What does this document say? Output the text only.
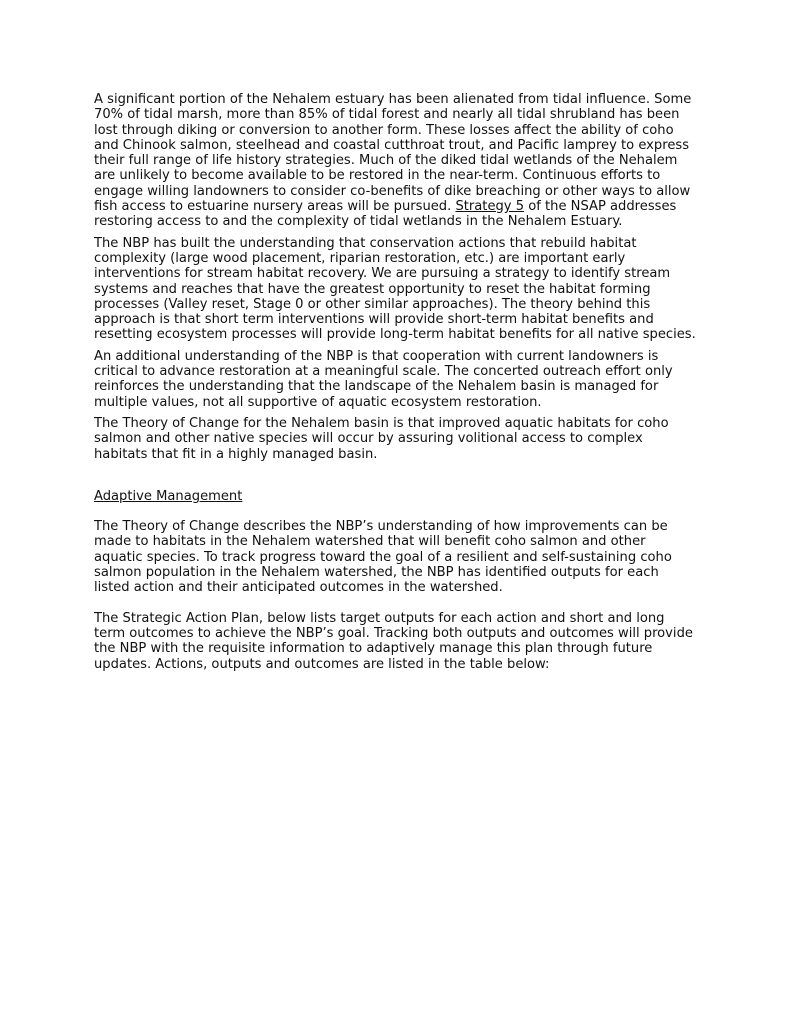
A significant portion of the Nehalem estuary has been alienated from tidal influence. Some 70% of tidal marsh, more than 85% of tidal forest and nearly all tidal shrubland has been lost through diking or conversion to another form. These losses affect the ability of coho and Chinook salmon, steelhead and coastal cutthroat trout, and Pacific lamprey to express their full range of life history strategies. Much of the diked tidal wetlands of the Nehalem are unlikely to become available to be restored in the near-term. Continuous efforts to engage willing landowners to consider co-benefits of dike breaching or other ways to allow fish access to estuarine nursery areas will be pursued. Strategy 5 of the NSAP addresses restoring access to and the complexity of tidal wetlands in the Nehalem Estuary.

The NBP has built the understanding that conservation actions that rebuild habitat complexity (large wood placement, riparian restoration, etc.) are important early interventions for stream habitat recovery. We are pursuing a strategy to identify stream systems and reaches that have the greatest opportunity to reset the habitat forming processes (Valley reset, Stage 0 or other similar approaches). The theory behind this approach is that short term interventions will provide short-term habitat benefits and resetting ecosystem processes will provide long-term habitat benefits for all native species.

An additional understanding of the NBP is that cooperation with current landowners is critical to advance restoration at a meaningful scale. The concerted outreach effort only reinforces the understanding that the landscape of the Nehalem basin is managed for multiple values, not all supportive of aquatic ecosystem restoration.

The Theory of Change for the Nehalem basin is that improved aquatic habitats for coho salmon and other native species will occur by assuring volitional access to complex habitats that fit in a highly managed basin.

Adaptive Management

The Theory of Change describes the NBP’s understanding of how improvements can be made to habitats in the Nehalem watershed that will benefit coho salmon and other aquatic species. To track progress toward the goal of a resilient and self-sustaining coho salmon population in the Nehalem watershed, the NBP has identified outputs for each listed action and their anticipated outcomes in the watershed.

The Strategic Action Plan, below lists target outputs for each action and short and long term outcomes to achieve the NBP’s goal. Tracking both outputs and outcomes will provide the NBP with the requisite information to adaptively manage this plan through future updates. Actions, outputs and outcomes are listed in the table below:
